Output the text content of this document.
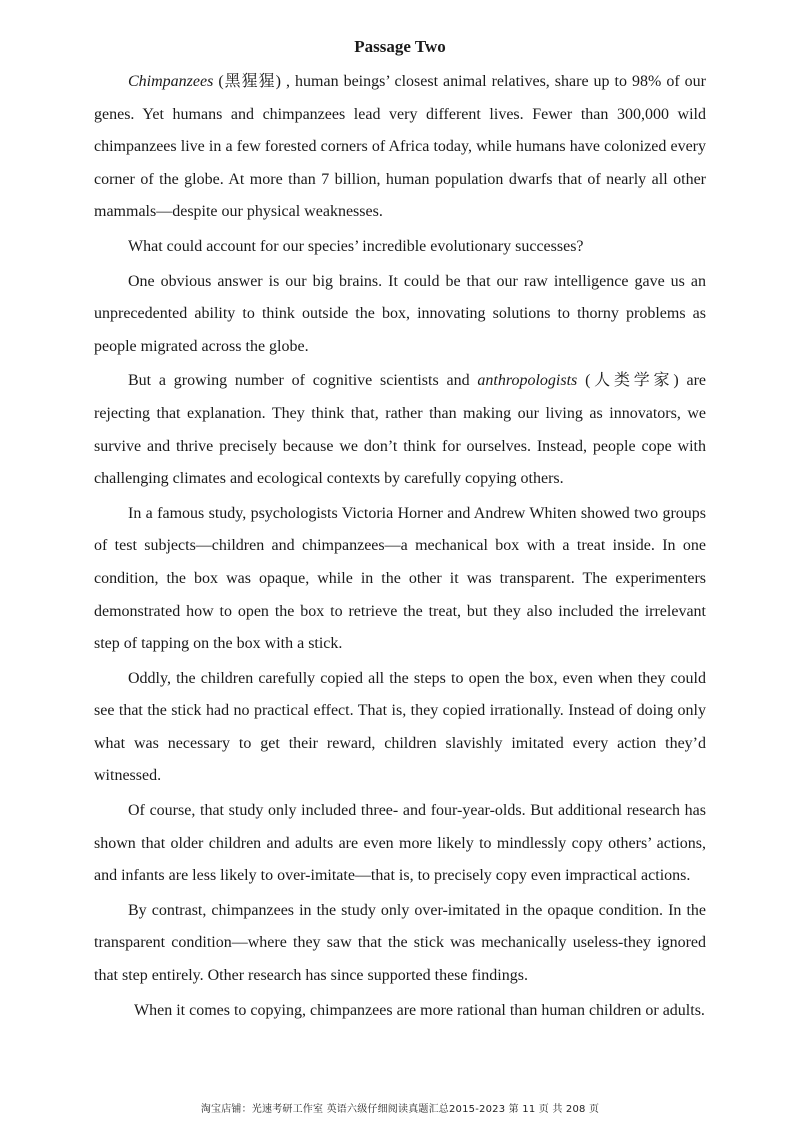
Passage Two

Chimpanzees (黑猩猩) , human beings’ closest animal relatives, share up to 98% of our genes. Yet humans and chimpanzees lead very different lives. Fewer than 300,000 wild chimpanzees live in a few forested corners of Africa today, while humans have colonized every corner of the globe. At more than 7 billion, human population dwarfs that of nearly all other mammals—despite our physical weaknesses.

What could account for our species’ incredible evolutionary successes?

One obvious answer is our big brains. It could be that our raw intelligence gave us an unprecedented ability to think outside the box, innovating solutions to thorny problems as people migrated across the globe.

But a growing number of cognitive scientists and anthropologists (人类学家) are rejecting that explanation. They think that, rather than making our living as innovators, we survive and thrive precisely because we don’t think for ourselves. Instead, people cope with challenging climates and ecological contexts by carefully copying others.

In a famous study, psychologists Victoria Horner and Andrew Whiten showed two groups of test subjects—children and chimpanzees—a mechanical box with a treat inside. In one condition, the box was opaque, while in the other it was transparent. The experimenters demonstrated how to open the box to retrieve the treat, but they also included the irrelevant step of tapping on the box with a stick.

Oddly, the children carefully copied all the steps to open the box, even when they could see that the stick had no practical effect. That is, they copied irrationally. Instead of doing only what was necessary to get their reward, children slavishly imitated every action they’d witnessed.

Of course, that study only included three- and four-year-olds. But additional research has shown that older children and adults are even more likely to mindlessly copy others’ actions, and infants are less likely to over-imitate—that is, to precisely copy even impractical actions.

By contrast, chimpanzees in the study only over-imitated in the opaque condition. In the transparent condition—where they saw that the stick was mechanically useless-they ignored that step entirely. Other research has since supported these findings.

When it comes to copying, chimpanzees are more rational than human children or adults.

淘宝店铺：光速考研工作室 英语六级仔细阅读真题汇总2015-2023 第 11 页 共 208 页
